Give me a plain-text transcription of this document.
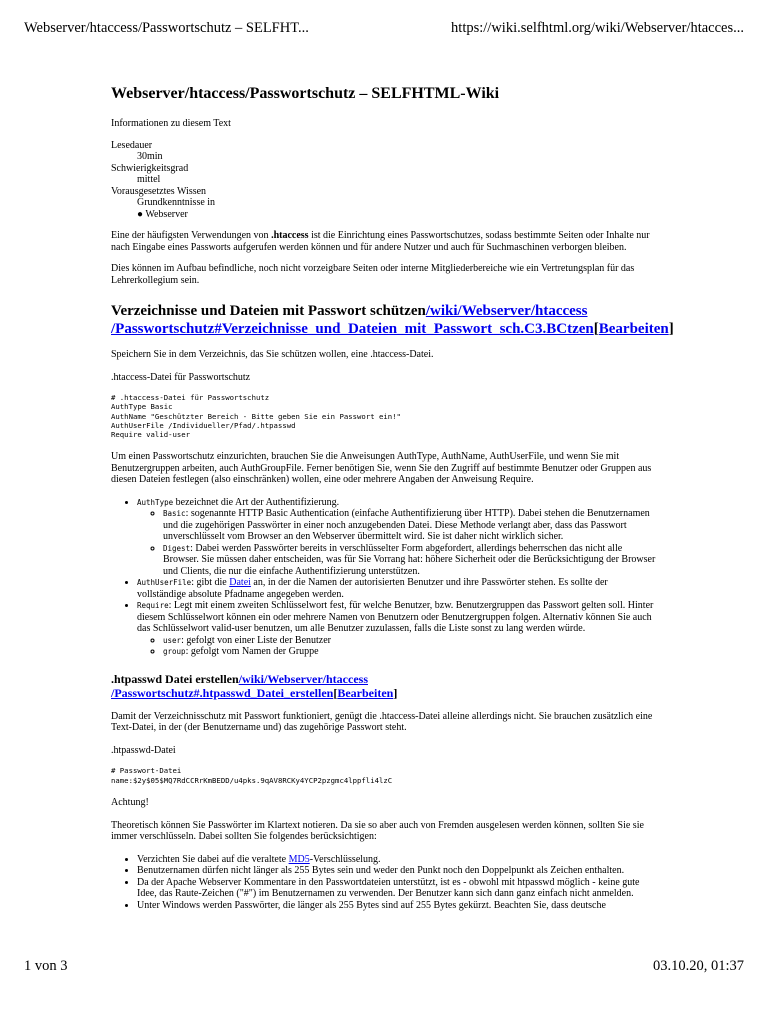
Webserver/htaccess/Passwortschutz – SELFHT...	https://wiki.selfhtml.org/wiki/Webserver/htacces...
Webserver/htaccess/Passwortschutz – SELFHTML-Wiki

Informationen zu diesem Text

Lesedauer
30min
Schwierigkeitsgrad
mittel
Vorausgesetztes Wissen
Grundkenntnisse in
● Webserver

Eine der häufigsten Verwendungen von .htaccess ist die Einrichtung eines Passwortschutzes, sodass bestimmte Seiten oder Inhalte nur nach Eingabe eines Passworts aufgerufen werden können und für andere Nutzer und auch für Suchmaschinen verborgen bleiben.

Dies können im Aufbau befindliche, noch nicht vorzeigbare Seiten oder interne Mitgliederbereiche wie ein Vertretungsplan für das Lehrerkollegium sein.

Verzeichnisse und Dateien mit Passwort schützen/wiki/Webserver/htaccess /Passwortschutz#Verzeichnisse_und_Dateien_mit_Passwort_sch.C3.BCtzen[Bearbeiten]

Speichern Sie in dem Verzeichnis, das Sie schützen wollen, eine .htaccess-Datei.

.htaccess-Datei für Passwortschutz

# .htaccess-Datei für Passwortschutz
AuthType Basic
AuthName "Geschützter Bereich - Bitte geben Sie ein Passwort ein!"
AuthUserFile /Individueller/Pfad/.htpasswd
Require valid-user

Um einen Passwortschutz einzurichten, brauchen Sie die Anweisungen AuthType, AuthName, AuthUserFile, und wenn Sie mit Benutzergruppen arbeiten, auch AuthGroupFile. Ferner benötigen Sie, wenn Sie den Zugriff auf bestimmte Benutzer oder Gruppen aus diesen Dateien festlegen (also einschränken) wollen, eine oder mehrere Angaben der Anweisung Require.

• AuthType bezeichnet die Art der Authentifizierung.
◦ Basic: sogenannte HTTP Basic Authentication (einfache Authentifizierung über HTTP). Dabei stehen die Benutzernamen und die zugehörigen Passwörter in einer noch anzugebenden Datei. Diese Methode verlangt aber, dass das Passwort unverschlüsselt vom Browser an den Webserver übermittelt wird. Sie ist daher nicht wirklich sicher.
◦ Digest: Dabei werden Passwörter bereits in verschlüsselter Form abgefordert, allerdings beherrschen das nicht alle Browser. Sie müssen daher entscheiden, was für Sie Vorrang hat: höhere Sicherheit oder die Berücksichtigung der Browser und Clients, die nur die einfache Authentifizierung unterstützen.
• AuthUserFile: gibt die Datei an, in der die Namen der autorisierten Benutzer und ihre Passwörter stehen. Es sollte der vollständige absolute Pfadname angegeben werden.
• Require: Legt mit einem zweiten Schlüsselwort fest, für welche Benutzer, bzw. Benutzergruppen das Passwort gelten soll. Hinter diesem Schlüsselwort können ein oder mehrere Namen von Benutzern oder Benutzergruppen folgen. Alternativ können Sie auch das Schlüsselwort valid-user benutzen, um alle Benutzer zuzulassen, falls die Liste sonst zu lang werden würde.
◦ user: gefolgt von einer Liste der Benutzer
◦ group: gefolgt vom Namen der Gruppe
.htpasswd Datei erstellen/wiki/Webserver/htaccess /Passwortschutz#.htpasswd_Datei_erstellen[Bearbeiten]

Damit der Verzeichnisschutz mit Passwort funktioniert, genügt die .htaccess-Datei alleine allerdings nicht. Sie brauchen zusätzlich eine Text-Datei, in der (der Benutzername und) das zugehörige Passwort steht.

.htpasswd-Datei

# Passwort-Datei
name:$2y$05$MQ7RdCCRrKmBEDD/u4pks.9qAV8RCKy4YCP2pzgmc4lppfli4lzC

Achtung!

Theoretisch können Sie Passwörter im Klartext notieren. Da sie so aber auch von Fremden ausgelesen werden können, sollten Sie sie immer verschlüsseln. Dabei sollten Sie folgendes berücksichtigen:

• Verzichten Sie dabei auf die veraltete MD5-Verschlüsselung.
• Benutzernamen dürfen nicht länger als 255 Bytes sein und weder den Punkt noch den Doppelpunkt als Zeichen enthalten.
• Da der Apache Webserver Kommentare in den Passwortdateien unterstützt, ist es - obwohl mit htpasswd möglich - keine gute Idee, das Raute-Zeichen ("#") im Benutzernamen zu verwenden. Der Benutzer kann sich dann ganz einfach nicht anmelden.
• Unter Windows werden Passwörter, die länger als 255 Bytes sind auf 255 Bytes gekürzt. Beachten Sie, dass deutsche
1 von 3	03.10.20, 01:37
